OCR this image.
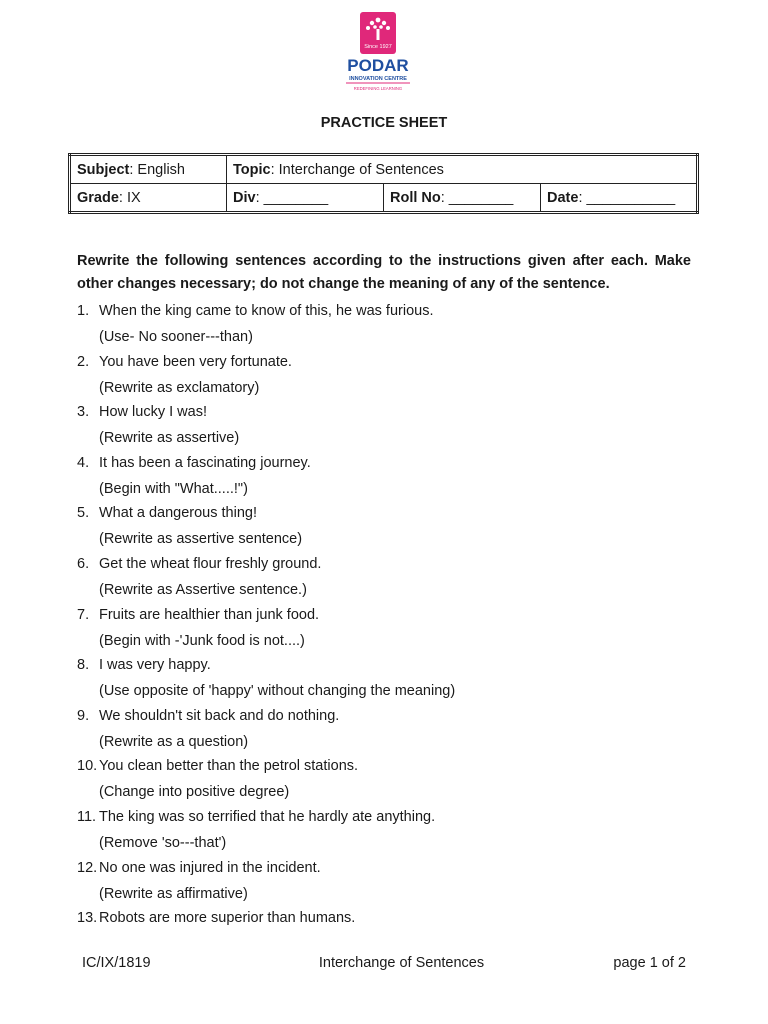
Since 1927
PODAR
INNOVATION CENTRE
REDEFINING LEARNING
PRACTICE SHEET
Subject: English	Topic: Interchange of Sentences		
Grade: IX	Div: ________	Roll No: ________	Date: ___________
Rewrite the following sentences according to the instructions given after each. Make other changes necessary; do not change the meaning of any of the sentence.
1. When the king came to know of this, he was furious.
(Use- No sooner---than)
2. You have been very fortunate.
(Rewrite as exclamatory)
3. How lucky I was!
(Rewrite as assertive)
4. It has been a fascinating journey.
(Begin with "What.....!")
5. What a dangerous thing!
(Rewrite as assertive sentence)
6. Get the wheat flour freshly ground.
(Rewrite as Assertive sentence.)
7. Fruits are healthier than junk food.
(Begin with -'Junk food is not....)
8. I was very happy.
(Use opposite of 'happy' without changing the meaning)
9. We shouldn't sit back and do nothing.
(Rewrite as a question)
10. You clean better than the petrol stations.
(Change into positive degree)
11. The king was so terrified that he hardly ate anything.
(Remove 'so---that')
12. No one was injured in the incident.
(Rewrite as affirmative)
13. Robots are more superior than humans.
IC/IX/1819	Interchange of Sentences	page 1 of 2
